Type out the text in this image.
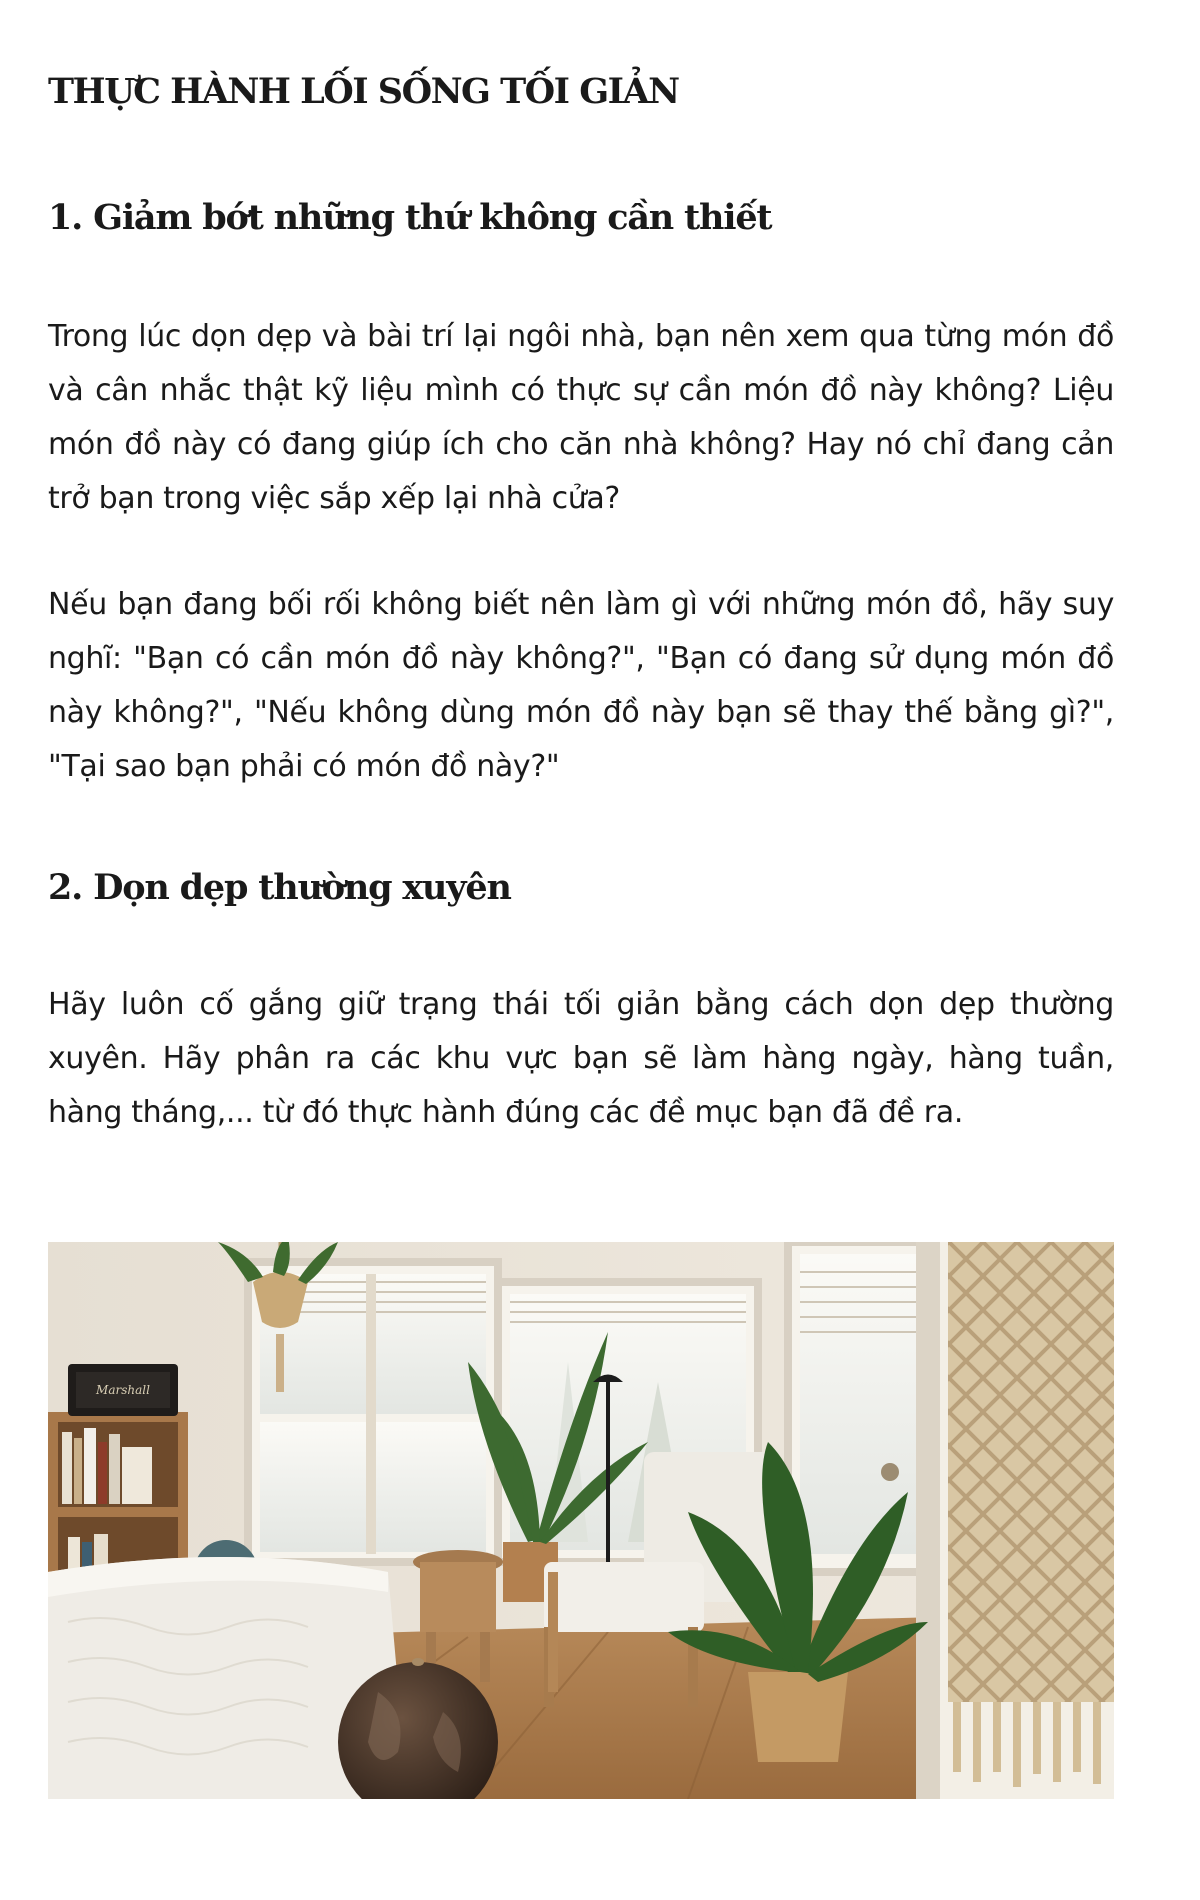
THỰC HÀNH LỐI SỐNG TỐI GIẢN
1. Giảm bớt những thứ không cần thiết

Trong lúc dọn dẹp và bài trí lại ngôi nhà, bạn nên xem qua từng món đồ và cân nhắc thật kỹ liệu mình có thực sự cần món đồ này không? Liệu món đồ này có đang giúp ích cho căn nhà không? Hay nó chỉ đang cản trở bạn trong việc sắp xếp lại nhà cửa?

Nếu bạn đang bối rối không biết nên làm gì với những món đồ, hãy suy nghĩ: "Bạn có cần món đồ này không?", "Bạn có đang sử dụng món đồ này không?", "Nếu không dùng món đồ này bạn sẽ thay thế bằng gì?", "Tại sao bạn phải có món đồ này?"

2. Dọn dẹp thường xuyên

Hãy luôn cố gắng giữ trạng thái tối giản bằng cách dọn dẹp thường xuyên. Hãy phân ra các khu vực bạn sẽ làm hàng ngày, hàng tuần, hàng tháng,... từ đó thực hành đúng các đề mục bạn đã đề ra.

Marshall
